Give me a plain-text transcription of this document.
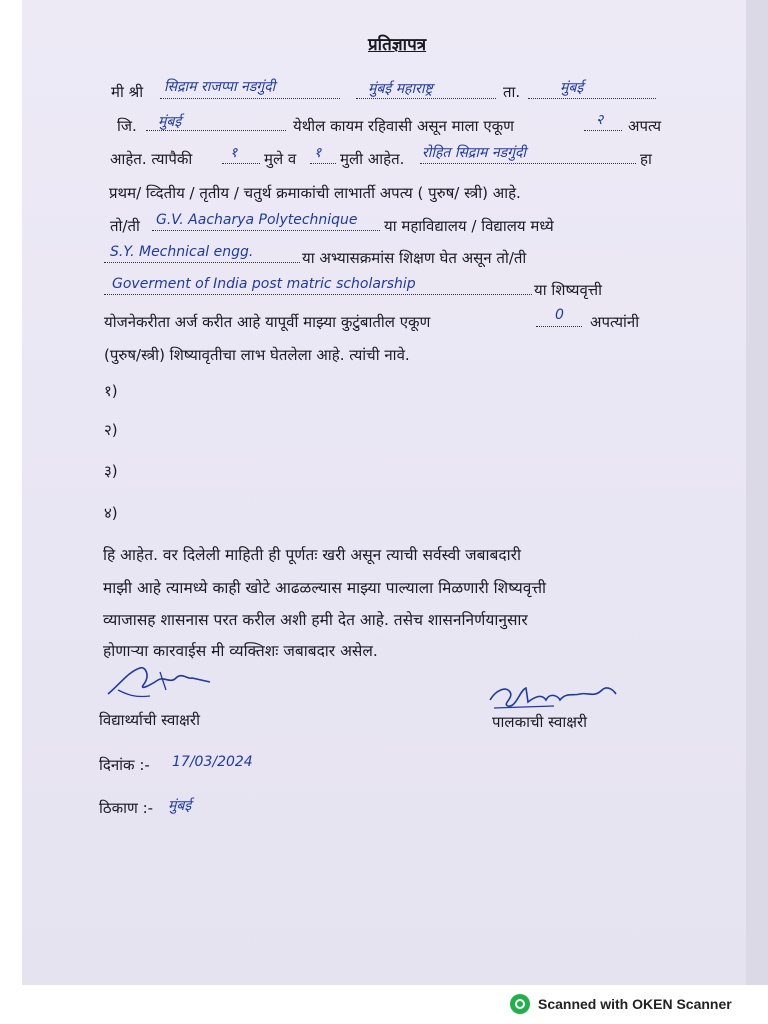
प्रतिज्ञापत्र
मी श्री सिद्राम राजप्पा नडगुंदी	मुंबई महाराष्ट्र	ता.	मुंबई
जि. मुंबई	येथील कायम रहिवासी असून माला एकूण	२ अपत्य
आहेत. त्यापैकी	१ मुले व १ मुली आहेत. रोहित सिद्राम नडगुंदी	हा
प्रथम/ व्दितीय / तृतीय / चतुर्थ क्रमाकांची लाभार्ती अपत्य ( पुरुष/ स्त्री) आहे.
तो/ती G.V. Aacharya Polytechnique या महाविद्यालय / विद्यालय मध्ये
S.Y. Mechnical engg.	या अभ्यासक्रमांस शिक्षण घेत असून तो/ती
Goverment of India post matric scholarship	या शिष्यवृत्ती
योजनेकरीता अर्ज करीत आहे यापूर्वी माझ्या कुटुंबातील एकूण	0 अपत्यांनी
(पुरुष/स्त्री) शिष्यावृतीचा लाभ घेतलेला आहे. त्यांची नावे.
१)
२)
३)
४)
हि आहेत. वर दिलेली माहिती ही पूर्णतः खरी असून त्याची सर्वस्वी जबाबदारी
माझी आहे त्यामध्ये काही खोटे आढळल्यास माझ्या पाल्याला मिळणारी शिष्यवृत्ती
व्याजासह शासनास परत करील अशी हमी देत आहे. तसेच शासननिर्णयानुसार
होणाऱ्या कारवाईस मी व्यक्तिशः जबाबदार असेल.
विद्यार्थ्याची स्वाक्षरी	पालकाची स्वाक्षरी
दिनांक :- 17/03/2024
ठिकाण :- मुंबई
Scanned with OKEN Scanner
